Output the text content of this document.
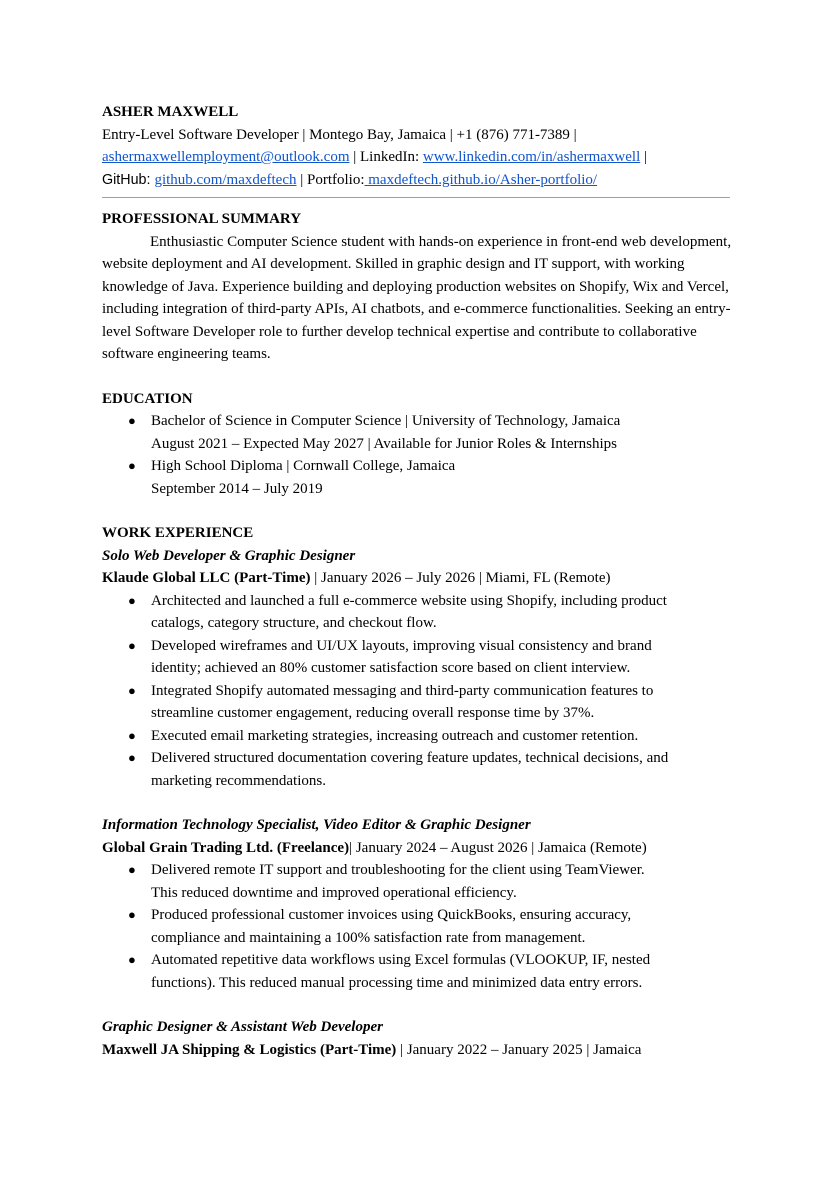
ASHER MAXWELL

Entry-Level Software Developer | Montego Bay, Jamaica | +1 (876) 771-7389 |

ashermaxwellemployment@outlook.com | LinkedIn: www.linkedin.com/in/ashermaxwell |

GitHub: github.com/maxdeftech | Portfolio: maxdeftech.github.io/Asher-portfolio/

PROFESSIONAL SUMMARY

Enthusiastic Computer Science student with hands-on experience in front-end web development, website deployment and AI development. Skilled in graphic design and IT support, with working knowledge of Java. Experience building and deploying production websites on Shopify, Wix and Vercel, including integration of third-party APIs, AI chatbots, and e-commerce functionalities. Seeking an entry-level Software Developer role to further develop technical expertise and contribute to collaborative software engineering teams.

EDUCATION

● Bachelor of Science in Computer Science | University of Technology, Jamaica
August 2021 – Expected May 2027 | Available for Junior Roles & Internships
● High School Diploma | Cornwall College, Jamaica
September 2014 – July 2019

WORK EXPERIENCE

Solo Web Developer & Graphic Designer

Klaude Global LLC (Part-Time) | January 2026 – July 2026 | Miami, FL (Remote)

● Architected and launched a full e-commerce website using Shopify, including product
catalogs, category structure, and checkout flow.
● Developed wireframes and UI/UX layouts, improving visual consistency and brand
identity; achieved an 80% customer satisfaction score based on client interview.
● Integrated Shopify automated messaging and third-party communication features to
streamline customer engagement, reducing overall response time by 37%.
● Executed email marketing strategies, increasing outreach and customer retention.
● Delivered structured documentation covering feature updates, technical decisions, and
marketing recommendations.

Information Technology Specialist, Video Editor & Graphic Designer

Global Grain Trading Ltd. (Freelance)| January 2024 – August 2026 | Jamaica (Remote)

● Delivered remote IT support and troubleshooting for the client using TeamViewer.
This reduced downtime and improved operational efficiency.
● Produced professional customer invoices using QuickBooks, ensuring accuracy,
compliance and maintaining a 100% satisfaction rate from management.
● Automated repetitive data workflows using Excel formulas (VLOOKUP, IF, nested
functions). This reduced manual processing time and minimized data entry errors.

Graphic Designer & Assistant Web Developer

Maxwell JA Shipping & Logistics (Part-Time) | January 2022 – January 2025 | Jamaica
